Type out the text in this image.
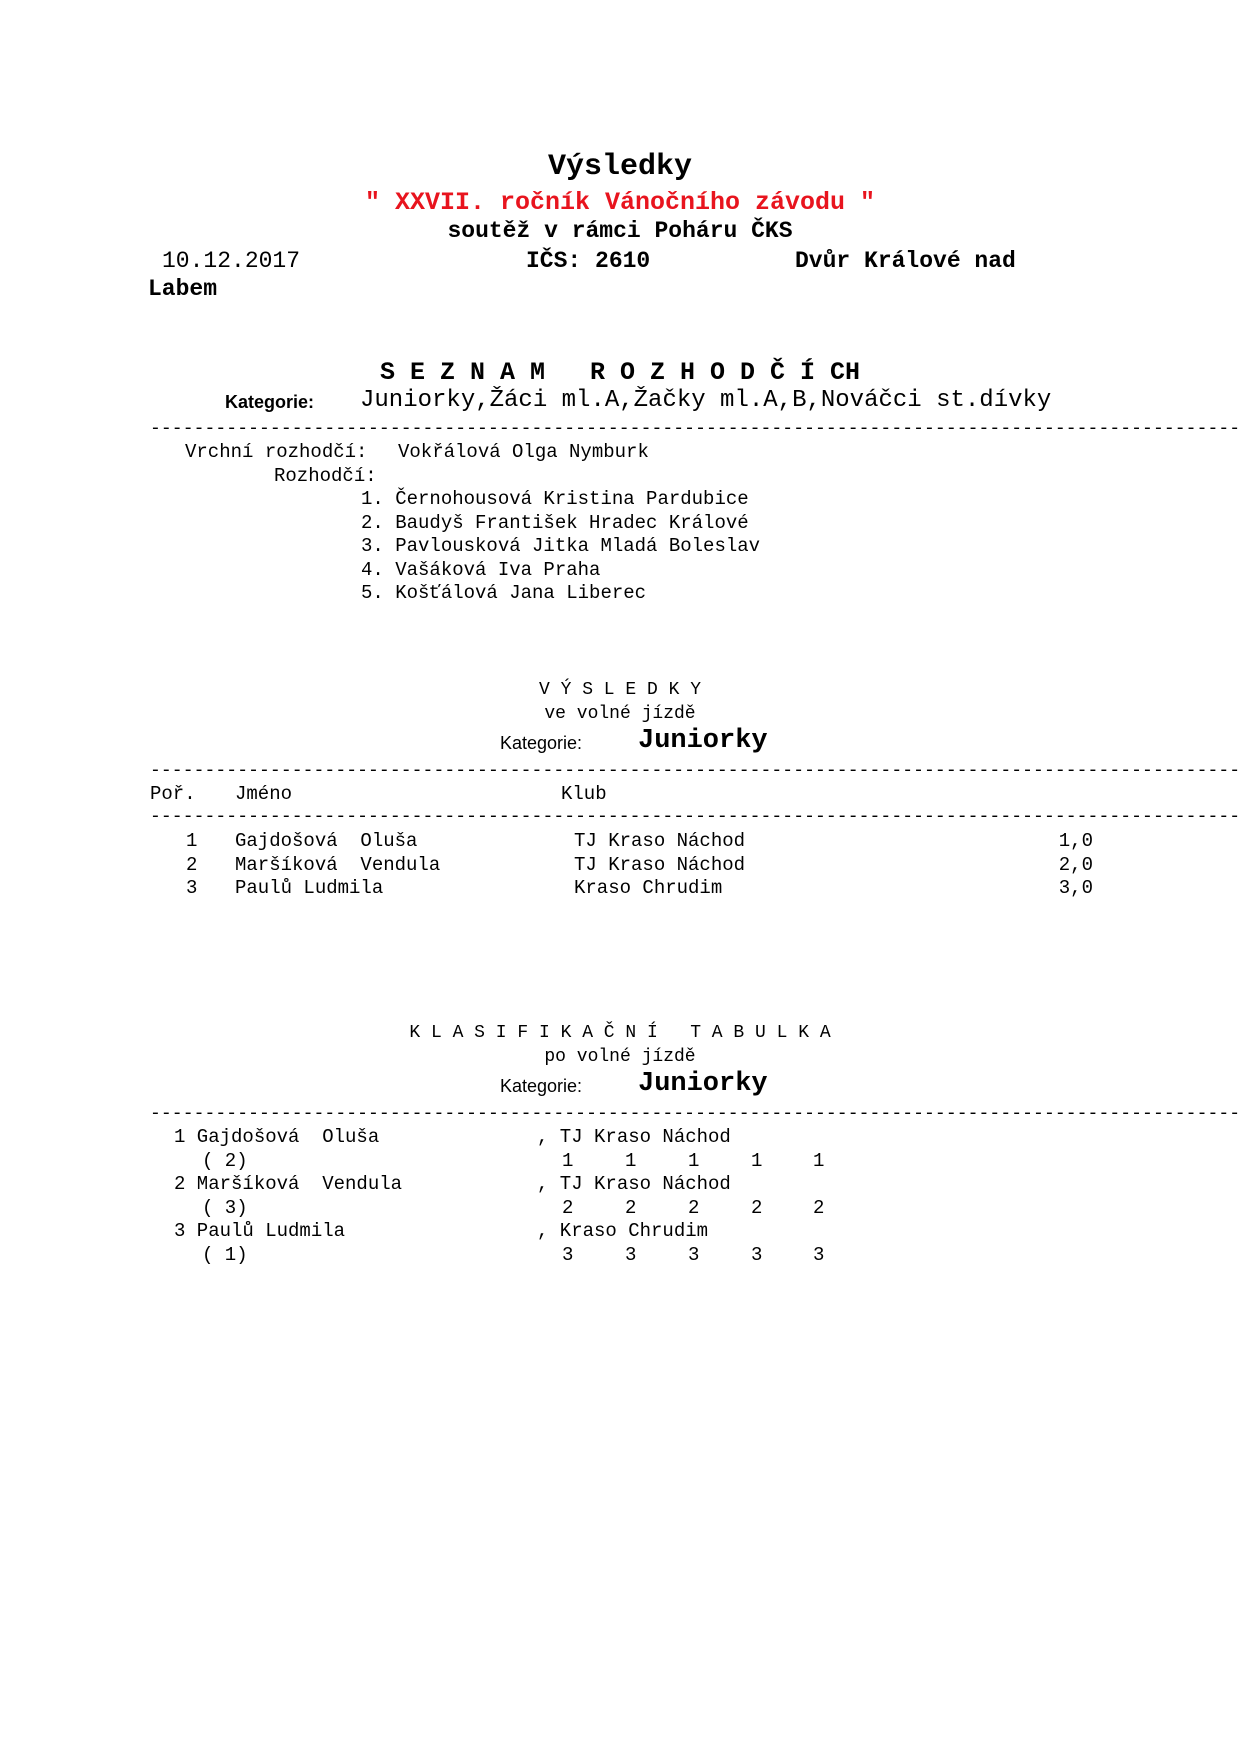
Výsledky
" XXVII. ročník Vánočního závodu "
soutěž v rámci Poháru ČKS
10.12.2017	IČS: 2610	Dvůr Králové nad
Labem
S E Z N A M   R O Z H O D Č Í CH
Kategorie: Juniorky,Žáci ml.A,Žačky ml.A,B,Nováčci st.dívky
----------------------------------------------------------------------------------------------------
Vrchní rozhodčí: Vokřálová Olga Nymburk
Rozhodčí:
1. Černohousová Kristina Pardubice
2. Baudyš František Hradec Králové
3. Pavlousková Jitka Mladá Boleslav
4. Vašáková Iva Praha
5. Košťálová Jana Liberec
V Ý S L E D K Y
ve volné jízdě
Kategorie: Juniorky
----------------------------------------------------------------------------------------------------
Poř. Jméno	Klub
----------------------------------------------------------------------------------------------------
1 Gajdošová  Oluša	TJ Kraso Náchod	1,0
2 Maršíková  Vendula	TJ Kraso Náchod	2,0
3 Paulů Ludmila	Kraso Chrudim	3,0
K L A S I F I K A Č N Í   T A B U L K A
po volné jízdě
Kategorie: Juniorky
----------------------------------------------------------------------------------------------------
1 Gajdošová  Oluša	, TJ Kraso Náchod
( 2)	1	1	1	1	1
2 Maršíková  Vendula	, TJ Kraso Náchod
( 3)	2	2	2	2	2
3 Paulů Ludmila	, Kraso Chrudim
( 1)	3	3	3	3	3
